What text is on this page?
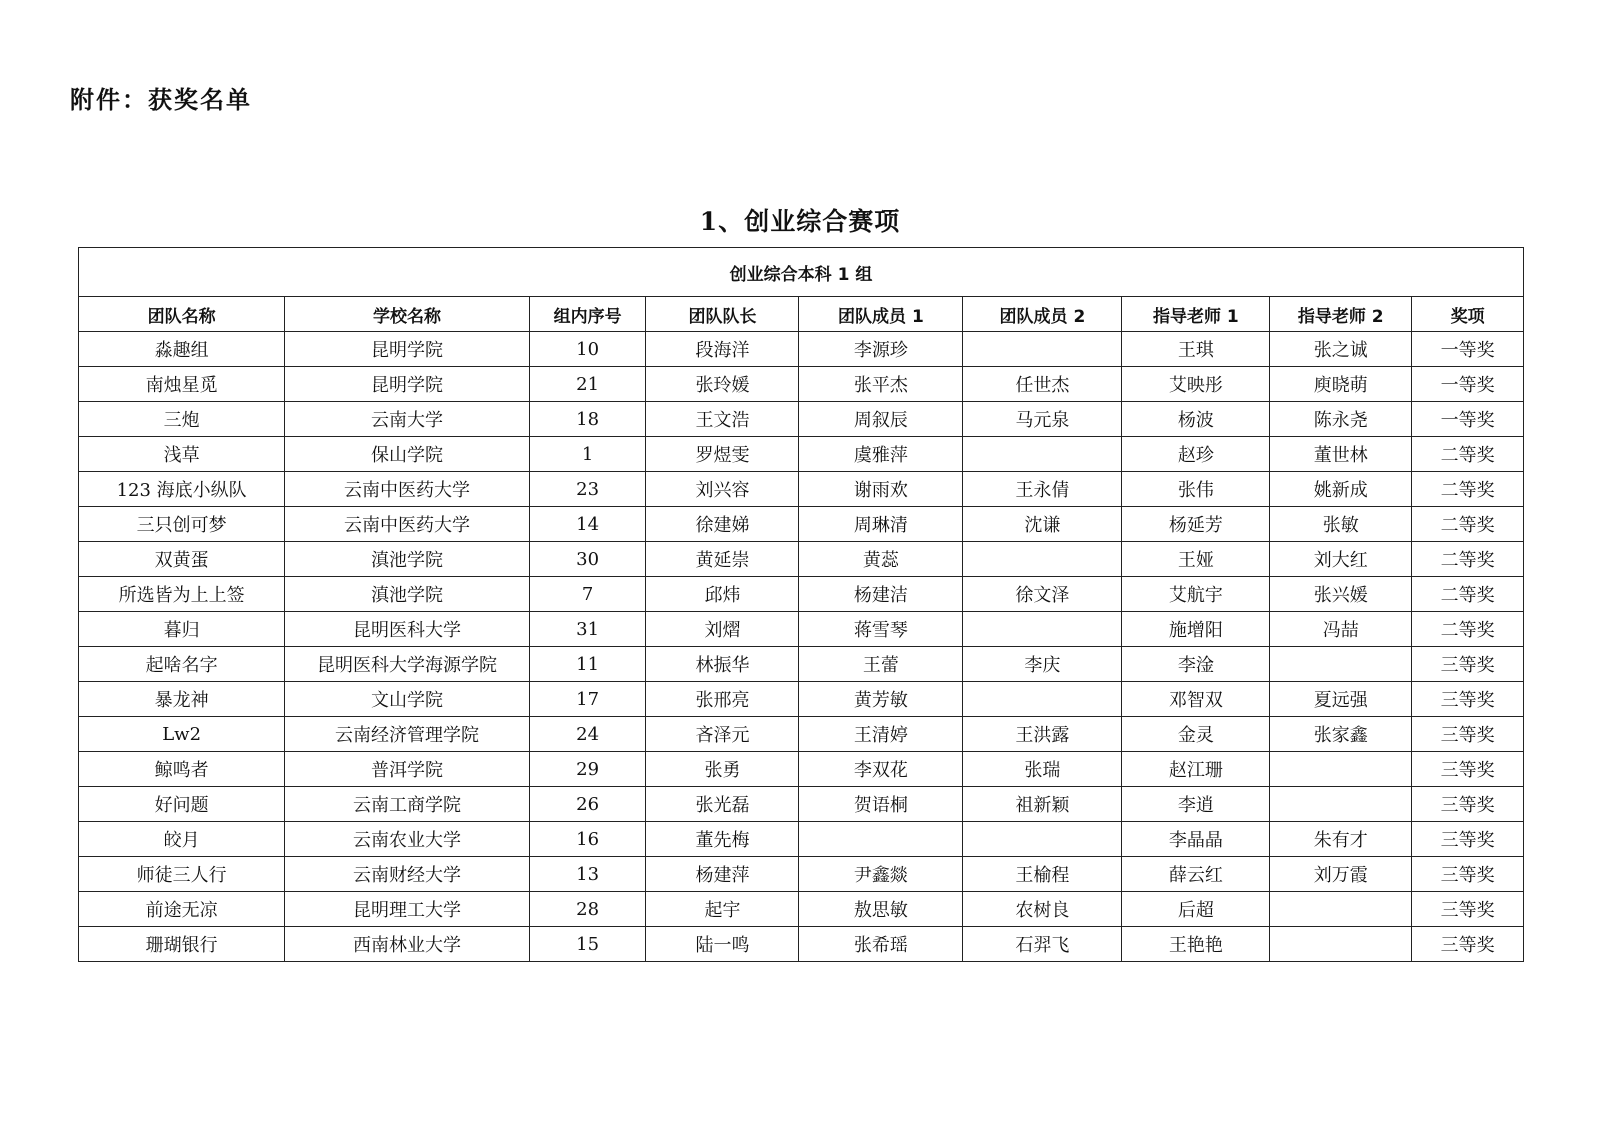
附件：获奖名单
1、创业综合赛项
创业综合本科 1 组								
团队名称	学校名称	组内序号	团队队长	团队成员 1	团队成员 2	指导老师 1	指导老师 2	奖项
淼趣组	昆明学院	10	段海洋	李源珍		王琪	张之诚	一等奖
南烛星觅	昆明学院	21	张玲媛	张平杰	任世杰	艾映彤	庾晓萌	一等奖
三炮	云南大学	18	王文浩	周叙辰	马元泉	杨波	陈永尧	一等奖
浅草	保山学院	1	罗煜雯	虞雅萍		赵珍	董世林	二等奖
123 海底小纵队	云南中医药大学	23	刘兴容	谢雨欢	王永倩	张伟	姚新成	二等奖
三只创可梦	云南中医药大学	14	徐建娣	周琳清	沈谦	杨延芳	张敏	二等奖
双黄蛋	滇池学院	30	黄延崇	黄蕊		王娅	刘大红	二等奖
所选皆为上上签	滇池学院	7	邱炜	杨建洁	徐文泽	艾航宇	张兴媛	二等奖
暮归	昆明医科大学	31	刘熠	蒋雪琴		施增阳	冯喆	二等奖
起啥名字	昆明医科大学海源学院	11	林振华	王蕾	李庆	李淦		三等奖
暴龙神	文山学院	17	张邢亮	黄芳敏		邓智双	夏远强	三等奖
Lw2	云南经济管理学院	24	吝泽元	王清婷	王洪露	金灵	张家鑫	三等奖
鲸鸣者	普洱学院	29	张勇	李双花	张瑞	赵江珊		三等奖
好问题	云南工商学院	26	张光磊	贺语桐	祖新颖	李逍		三等奖
皎月	云南农业大学	16	董先梅			李晶晶	朱有才	三等奖
师徒三人行	云南财经大学	13	杨建萍	尹鑫燚	王榆程	薛云红	刘万霞	三等奖
前途无凉	昆明理工大学	28	起宇	敖思敏	农树良	后超		三等奖
珊瑚银行	西南林业大学	15	陆一鸣	张希瑶	石羿飞	王艳艳		三等奖
